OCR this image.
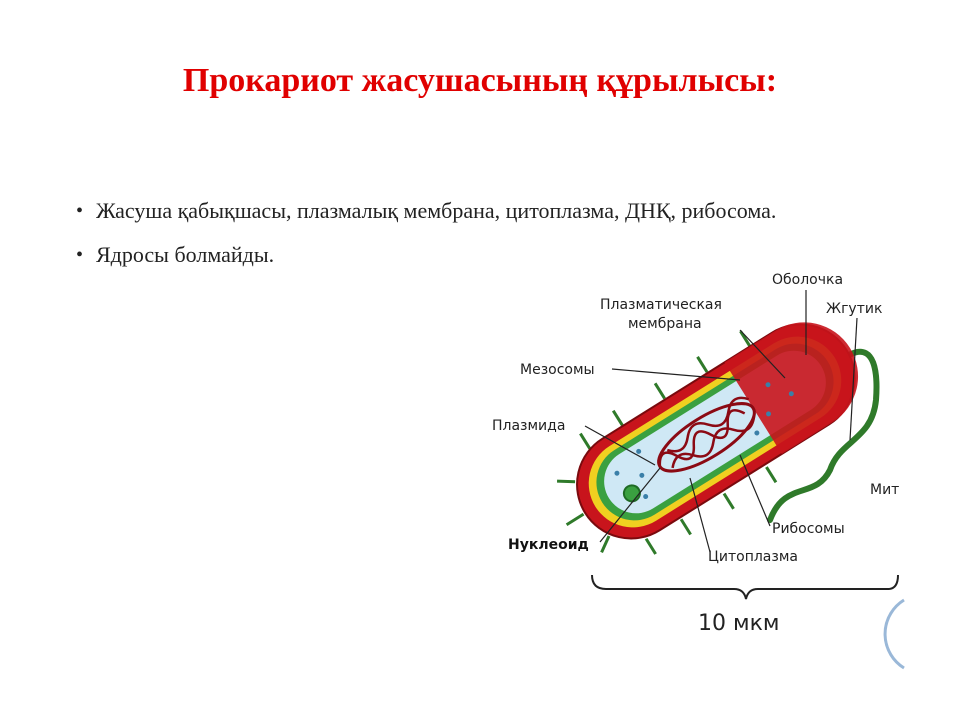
Прокариот жасушасының құрылысы:
• Жасуша қабықшасы, плазмалық мембрана, цитоплазма, ДНҚ, рибосома.
• Ядросы болмайды.
Оболочка
Плазматическая
мембрана
Жгутик
Мезосомы
Плазмида
Мит
Рибосомы
Нуклеоид
Цитоплазма
10 мкм
